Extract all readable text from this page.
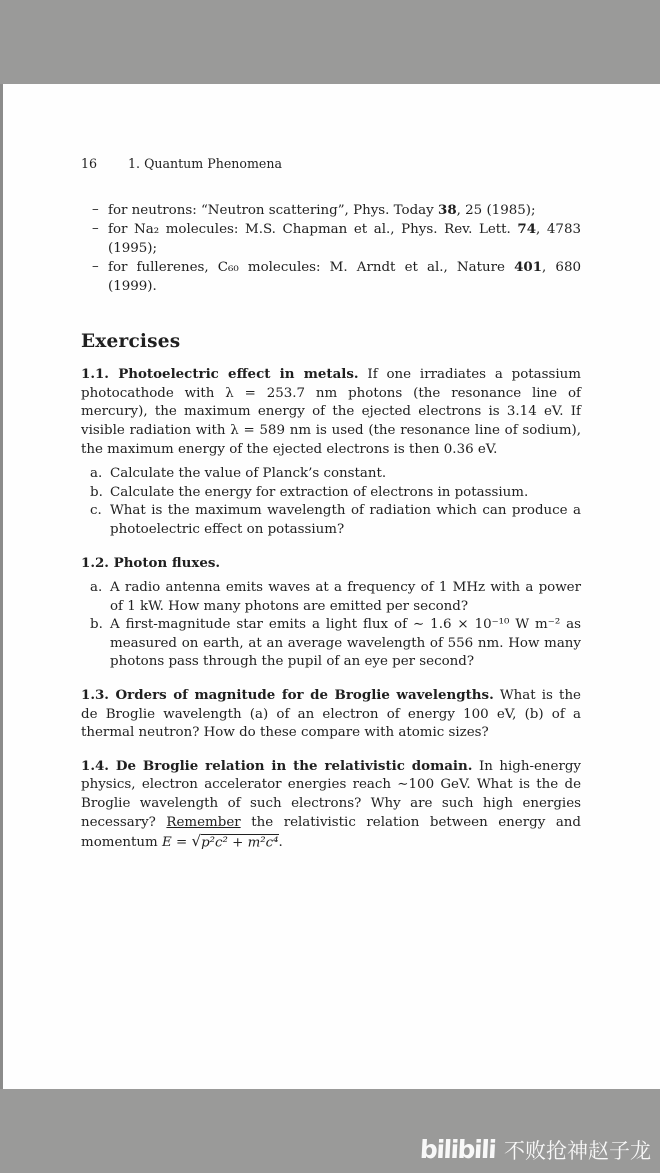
16 1. Quantum Phenomena
– for neutrons: “Neutron scattering”, Phys. Today 38, 25 (1985);
– for Na₂ molecules: M.S. Chapman et al., Phys. Rev. Lett. 74, 4783 (1995);
– for fullerenes, C₆₀ molecules: M. Arndt et al., Nature 401, 680 (1999).
Exercises

1.1. Photoelectric effect in metals. If one irradiates a potassium photocathode with λ = 253.7 nm photons (the resonance line of mercury), the maximum energy of the ejected electrons is 3.14 eV. If visible radiation with λ = 589 nm is used (the resonance line of sodium), the maximum energy of the ejected electrons is then 0.36 eV.

a. Calculate the value of Planck’s constant.
b. Calculate the energy for extraction of electrons in potassium.
c. What is the maximum wavelength of radiation which can produce a photoelectric effect on potassium?

1.2. Photon fluxes.

a. A radio antenna emits waves at a frequency of 1 MHz with a power of 1 kW. How many photons are emitted per second?
b. A first-magnitude star emits a light flux of ∼ 1.6 × 10⁻¹⁰ W m⁻² as measured on earth, at an average wavelength of 556 nm. How many photons pass through the pupil of an eye per second?

1.3. Orders of magnitude for de Broglie wavelengths. What is the de Broglie wavelength (a) of an electron of energy 100 eV, (b) of a thermal neutron? How do these compare with atomic sizes?

1.4. De Broglie relation in the relativistic domain. In high-energy physics, electron accelerator energies reach ∼100 GeV. What is the de Broglie wavelength of such electrons? Why are such high energies necessary? Remember the relativistic relation between energy and momentum E = √p²c² + m²c⁴.

bilibili 不败抢神赵子龙
